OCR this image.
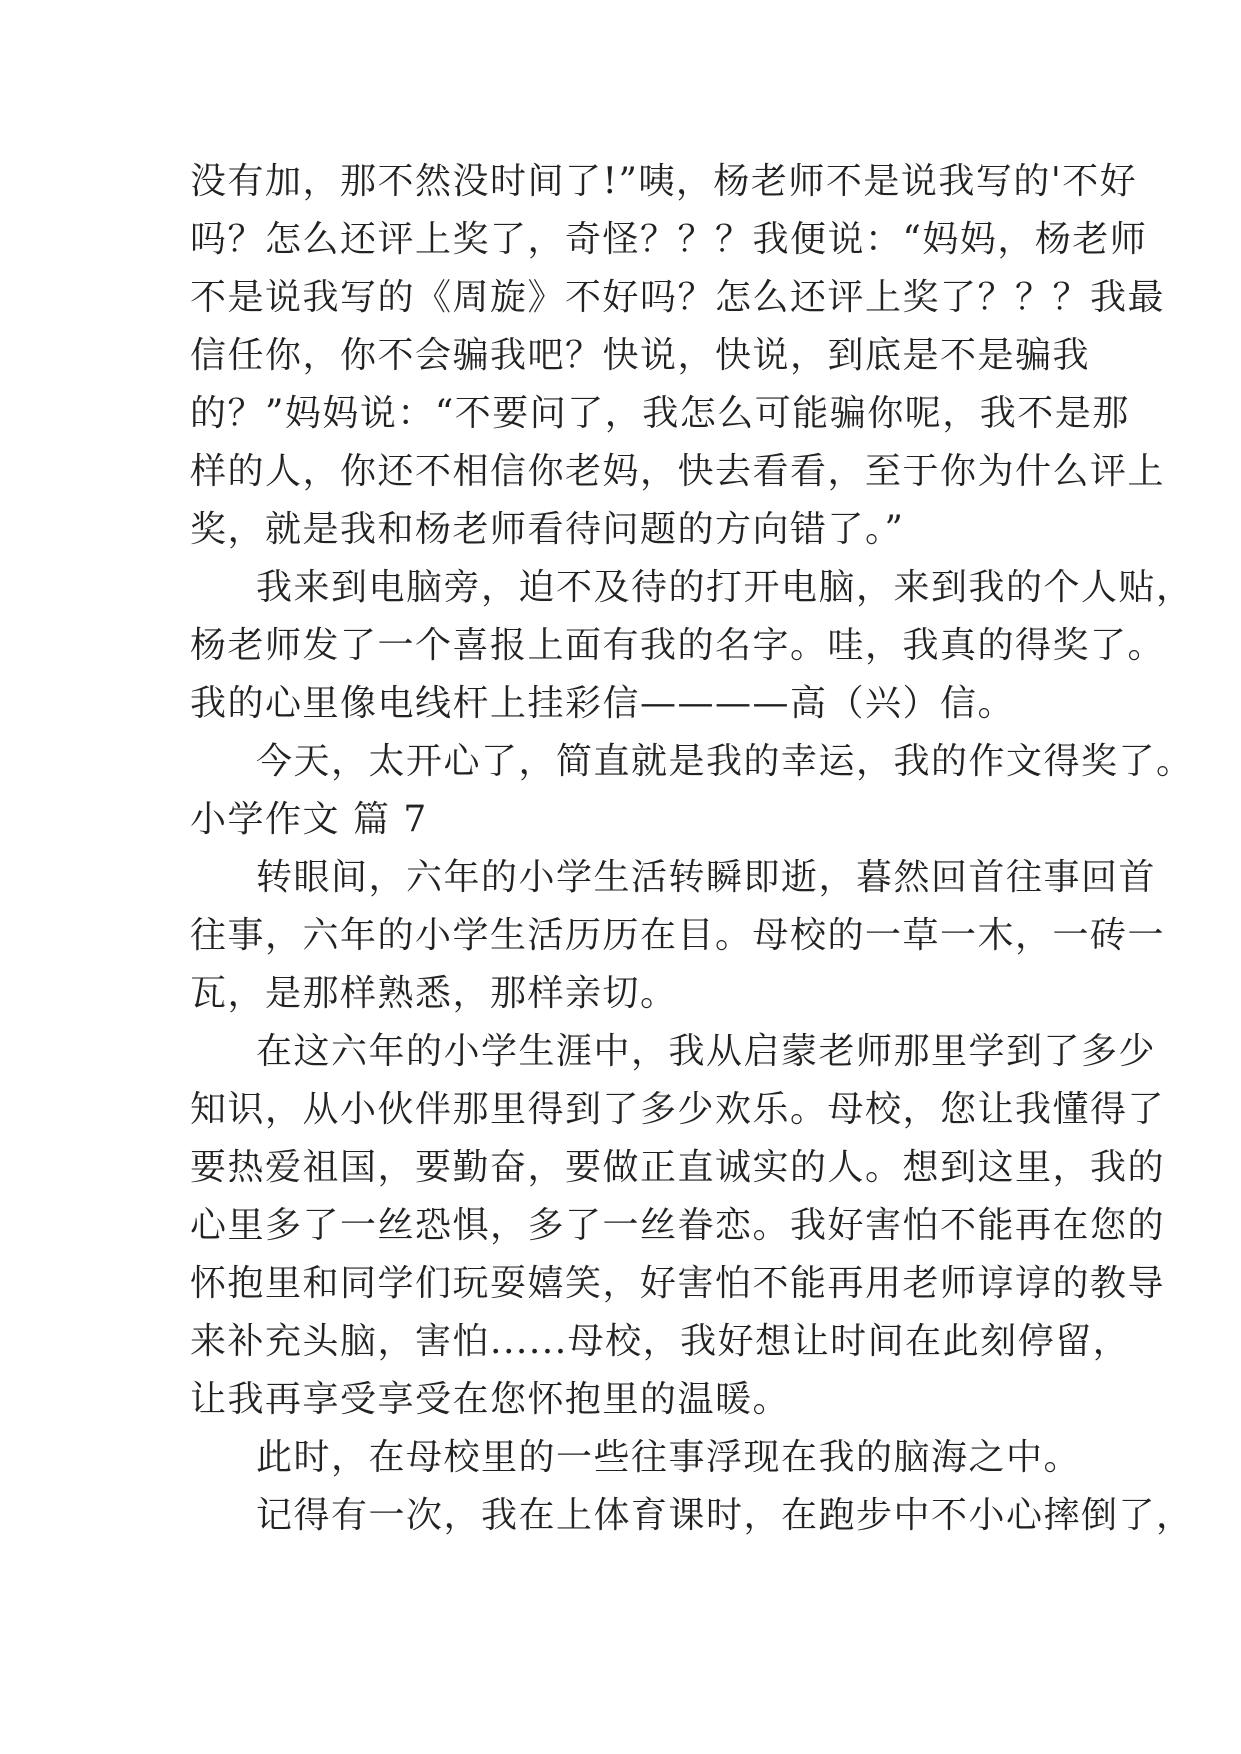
没有加，那不然没时间了!”咦，杨老师不是说我写的'不好
吗？怎么还评上奖了，奇怪？？？我便说：“妈妈，杨老师
不是说我写的《周旋》不好吗？怎么还评上奖了？？？我最
信任你，你不会骗我吧？快说，快说，到底是不是骗我
的？”妈妈说：“不要问了，我怎么可能骗你呢，我不是那
样的人，你还不相信你老妈，快去看看，至于你为什么评上
奖，就是我和杨老师看待问题的方向错了。”
我来到电脑旁，迫不及待的打开电脑，来到我的个人贴，
杨老师发了一个喜报上面有我的名字。哇，我真的得奖了。
我的心里像电线杆上挂彩信————高（兴）信。
今天，太开心了，简直就是我的幸运，我的作文得奖了。
小学作文 篇 7
转眼间，六年的小学生活转瞬即逝，暮然回首往事回首
往事，六年的小学生活历历在目。母校的一草一木，一砖一
瓦，是那样熟悉，那样亲切。
在这六年的小学生涯中，我从启蒙老师那里学到了多少
知识，从小伙伴那里得到了多少欢乐。母校，您让我懂得了
要热爱祖国，要勤奋，要做正直诚实的人。想到这里，我的
心里多了一丝恐惧，多了一丝眷恋。我好害怕不能再在您的
怀抱里和同学们玩耍嬉笑，好害怕不能再用老师谆谆的教导
来补充头脑，害怕......母校，我好想让时间在此刻停留，
让我再享受享受在您怀抱里的温暖。
此时，在母校里的一些往事浮现在我的脑海之中。
记得有一次，我在上体育课时，在跑步中不小心摔倒了，
